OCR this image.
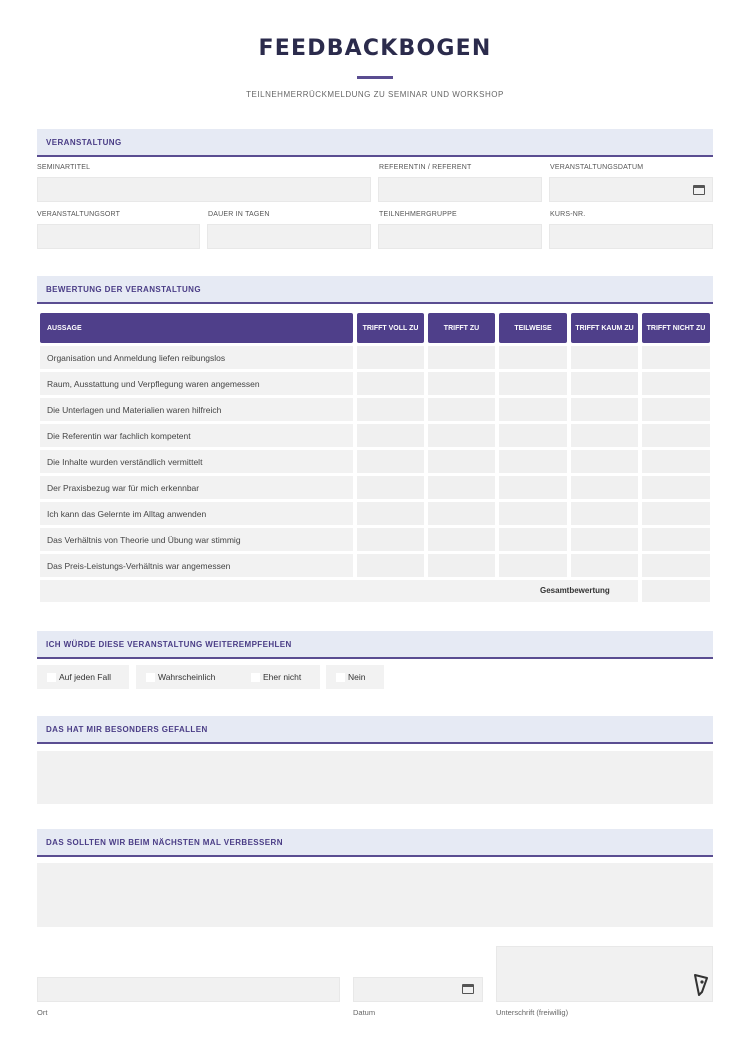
FEEDBACKBOGEN
TEILNEHMERRÜCKMELDUNG ZU SEMINAR UND WORKSHOP
VERANSTALTUNG
SEMINARTITEL	REFERENTIN / REFERENT	VERANSTALTUNGSDATUM
VERANSTALTUNGSORT	DAUER IN TAGEN	TEILNEHMERGRUPPE	KURS-NR.
BEWERTUNG DER VERANSTALTUNG
AUSSAGE	TRIFFT VOLL ZU	TRIFFT ZU	TEILWEISE	TRIFFT KAUM ZU	TRIFFT NICHT ZU
Organisation und Anmeldung liefen reibungslos
Raum, Ausstattung und Verpflegung waren angemessen
Die Unterlagen und Materialien waren hilfreich
Die Referentin war fachlich kompetent
Die Inhalte wurden verständlich vermittelt
Der Praxisbezug war für mich erkennbar
Ich kann das Gelernte im Alltag anwenden
Das Verhältnis von Theorie und Übung war stimmig
Das Preis-Leistungs-Verhältnis war angemessen
Gesamtbewertung
ICH WÜRDE DIESE VERANSTALTUNG WEITEREMPFEHLEN
Auf jeden Fall	Wahrscheinlich	Eher nicht	Nein
DAS HAT MIR BESONDERS GEFALLEN
DAS SOLLTEN WIR BEIM NÄCHSTEN MAL VERBESSERN
Ort	Datum	Unterschrift (freiwillig)
